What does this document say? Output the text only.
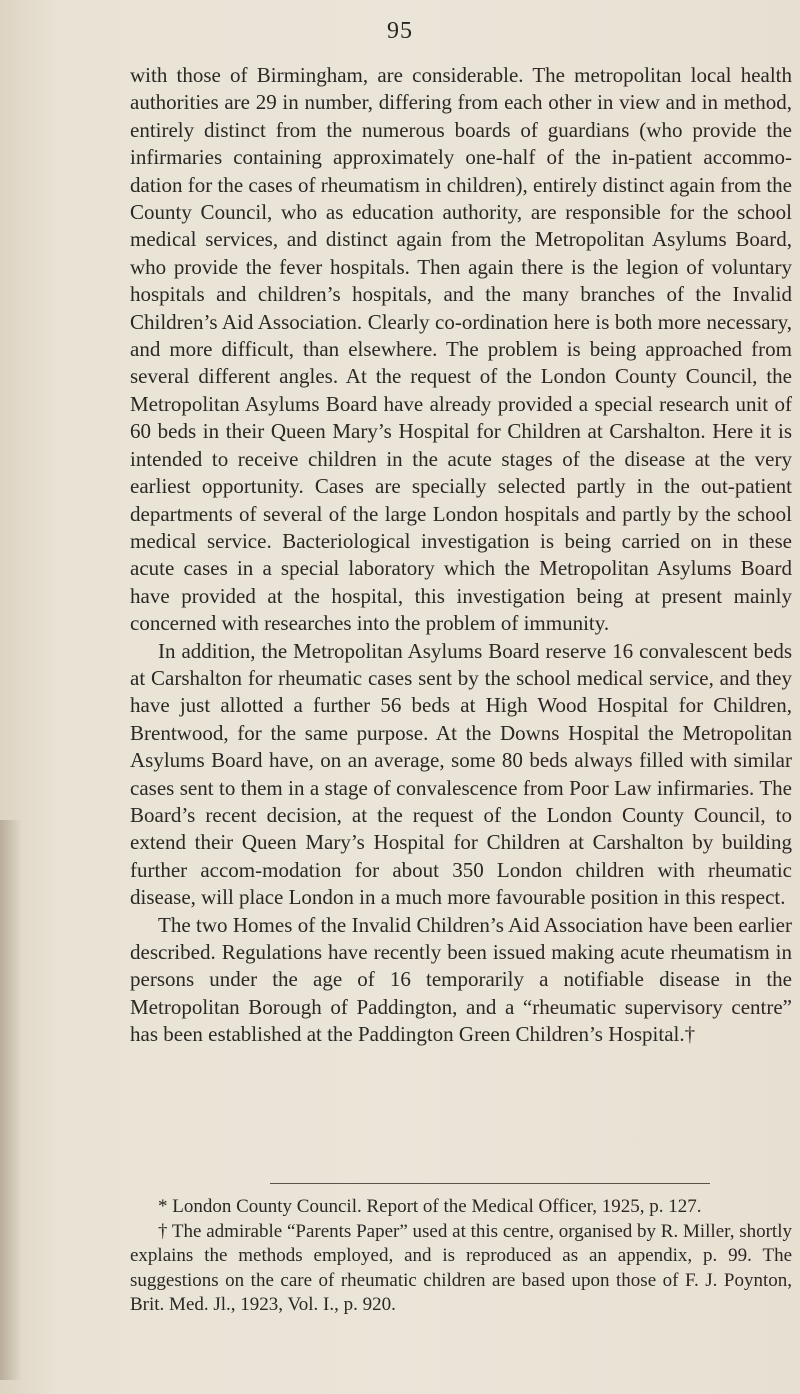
95

with those of Birmingham, are considerable. The metropolitan local health authorities are 29 in number, differing from each other in view and in method, entirely distinct from the numerous boards of guardians (who provide the infirmaries containing approximately one-half of the in-patient accommo-dation for the cases of rheumatism in children), entirely distinct again from the County Council, who as education authority, are responsible for the school medical services, and distinct again from the Metropolitan Asylums Board, who provide the fever hospitals. Then again there is the legion of voluntary hospitals and children’s hospitals, and the many branches of the Invalid Children’s Aid Association. Clearly co-ordination here is both more necessary, and more difficult, than elsewhere. The problem is being approached from several different angles. At the request of the London County Council, the Metropolitan Asylums Board have already provided a special research unit of 60 beds in their Queen Mary’s Hospital for Children at Carshalton. Here it is intended to receive children in the acute stages of the disease at the very earliest opportunity. Cases are specially selected partly in the out-patient departments of several of the large London hospitals and partly by the school medical service. Bacteriological investigation is being carried on in these acute cases in a special laboratory which the Metropolitan Asylums Board have provided at the hospital, this investigation being at present mainly concerned with researches into the problem of immunity.

In addition, the Metropolitan Asylums Board reserve 16 convalescent beds at Carshalton for rheumatic cases sent by the school medical service, and they have just allotted a further 56 beds at High Wood Hospital for Children, Brentwood, for the same purpose. At the Downs Hospital the Metropolitan Asylums Board have, on an average, some 80 beds always filled with similar cases sent to them in a stage of convalescence from Poor Law infirmaries. The Board’s recent decision, at the request of the London County Council, to extend their Queen Mary’s Hospital for Children at Carshalton by building further accom-modation for about 350 London children with rheumatic disease, will place London in a much more favourable position in this respect.

The two Homes of the Invalid Children’s Aid Association have been earlier described. Regulations have recently been issued making acute rheumatism in persons under the age of 16 temporarily a notifiable disease in the Metropolitan Borough of Paddington, and a “rheumatic supervisory centre” has been established at the Paddington Green Children’s Hospital.†

* London County Council. Report of the Medical Officer, 1925, p. 127.

† The admirable “Parents Paper” used at this centre, organised by R. Miller, shortly explains the methods employed, and is reproduced as an appendix, p. 99. The suggestions on the care of rheumatic children are based upon those of F. J. Poynton, Brit. Med. Jl., 1923, Vol. I., p. 920.
